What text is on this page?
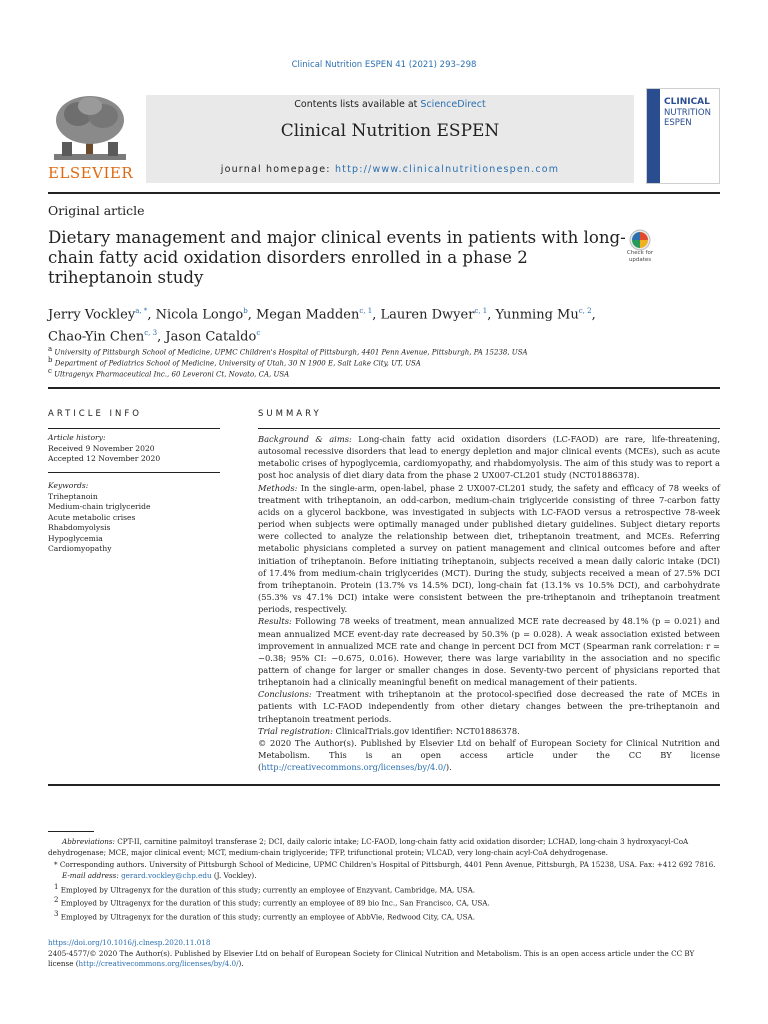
Clinical Nutrition ESPEN 41 (2021) 293–298
ELSEVIER
Contents lists available at ScienceDirect
Clinical Nutrition ESPEN
journal homepage: http://www.clinicalnutritionespen.com
CLINICAL
NUTRITION
ESPEN
Original article
Dietary management and major clinical events in patients with long-chain fatty acid oxidation disorders enrolled in a phase 2 triheptanoin study
Check for
updates
Jerry Vockley$^{a, *}$, Nicola Longo$^b$, Megan Madden$^{c, 1}$, Lauren Dwyer$^{c, 1}$, Yunming Mu$^{c, 2}$,
Chao-Yin Chen$^{c, 3}$, Jason Cataldo$^c$
$^a$ University of Pittsburgh School of Medicine, UPMC Children's Hospital of Pittsburgh, 4401 Penn Avenue, Pittsburgh, PA 15238, USA
$^b$ Department of Pediatrics School of Medicine, University of Utah, 30 N 1900 E, Salt Lake City, UT, USA
$^c$ Ultragenyx Pharmaceutical Inc., 60 Leveroni Ct, Novato, CA, USA
ARTICLE INFO	SUMMARY
Article history:
Received 9 November 2020
Accepted 12 November 2020
Keywords:
Triheptanoin
Medium-chain triglyceride
Acute metabolic crises
Rhabdomyolysis
Hypoglycemia
Cardiomyopathy

Background & aims: Long-chain fatty acid oxidation disorders (LC-FAOD) are rare, life-threatening, autosomal recessive disorders that lead to energy depletion and major clinical events (MCEs), such as acute metabolic crises of hypoglycemia, cardiomyopathy, and rhabdomyolysis. The aim of this study was to report a post hoc analysis of diet diary data from the phase 2 UX007-CL201 study (NCT01886378).

Methods: In the single-arm, open-label, phase 2 UX007-CL201 study, the safety and efficacy of 78 weeks of treatment with triheptanoin, an odd-carbon, medium-chain triglyceride consisting of three 7-carbon fatty acids on a glycerol backbone, was investigated in subjects with LC-FAOD versus a retrospective 78-week period when subjects were optimally managed under published dietary guidelines. Subject dietary reports were collected to analyze the relationship between diet, triheptanoin treatment, and MCEs. Referring metabolic physicians completed a survey on patient management and clinical outcomes before and after initiation of triheptanoin. Before initiating triheptanoin, subjects received a mean daily caloric intake (DCI) of 17.4% from medium-chain triglycerides (MCT). During the study, subjects received a mean of 27.5% DCI from triheptanoin. Protein (13.7% vs 14.5% DCI), long-chain fat (13.1% vs 10.5% DCI), and carbohydrate (55.3% vs 47.1% DCI) intake were consistent between the pre-triheptanoin and triheptanoin treatment periods, respectively.

Results: Following 78 weeks of treatment, mean annualized MCE rate decreased by 48.1% (p = 0.021) and mean annualized MCE event-day rate decreased by 50.3% (p = 0.028). A weak association existed between improvement in annualized MCE rate and change in percent DCI from MCT (Spearman rank correlation: r = −0.38; 95% CI: −0.675, 0.016). However, there was large variability in the association and no specific pattern of change for larger or smaller changes in dose. Seventy-two percent of physicians reported that triheptanoin had a clinically meaningful benefit on medical management of their patients.

Conclusions: Treatment with triheptanoin at the protocol-specified dose decreased the rate of MCEs in patients with LC-FAOD independently from other dietary changes between the pre-triheptanoin and triheptanoin treatment periods.

Trial registration: ClinicalTrials.gov identifier: NCT01886378.

© 2020 The Author(s). Published by Elsevier Ltd on behalf of European Society for Clinical Nutrition and Metabolism. This is an open access article under the CC BY license (http://creativecommons.org/licenses/by/4.0/).

Abbreviations: CPT-II, carnitine palmitoyl transferase 2; DCI, daily caloric intake; LC-FAOD, long-chain fatty acid oxidation disorder; LCHAD, long-chain 3 hydroxyacyl-CoA dehydrogenase; MCE, major clinical event; MCT, medium-chain triglyceride; TFP, trifunctional protein; VLCAD, very long-chain acyl-CoA dehydrogenase.

* Corresponding authors. University of Pittsburgh School of Medicine, UPMC Children's Hospital of Pittsburgh, 4401 Penn Avenue, Pittsburgh, PA 15238, USA. Fax: +412 692 7816.

E-mail address: gerard.vockley@chp.edu (J. Vockley).

$^1$ Employed by Ultragenyx for the duration of this study; currently an employee of Enzyvant, Cambridge, MA, USA.

$^2$ Employed by Ultragenyx for the duration of this study; currently an employee of 89 bio Inc., San Francisco, CA, USA.

$^3$ Employed by Ultragenyx for the duration of this study; currently an employee of AbbVie, Redwood City, CA, USA.

https://doi.org/10.1016/j.clnesp.2020.11.018

2405-4577/© 2020 The Author(s). Published by Elsevier Ltd on behalf of European Society for Clinical Nutrition and Metabolism. This is an open access article under the CC BY license (http://creativecommons.org/licenses/by/4.0/).
